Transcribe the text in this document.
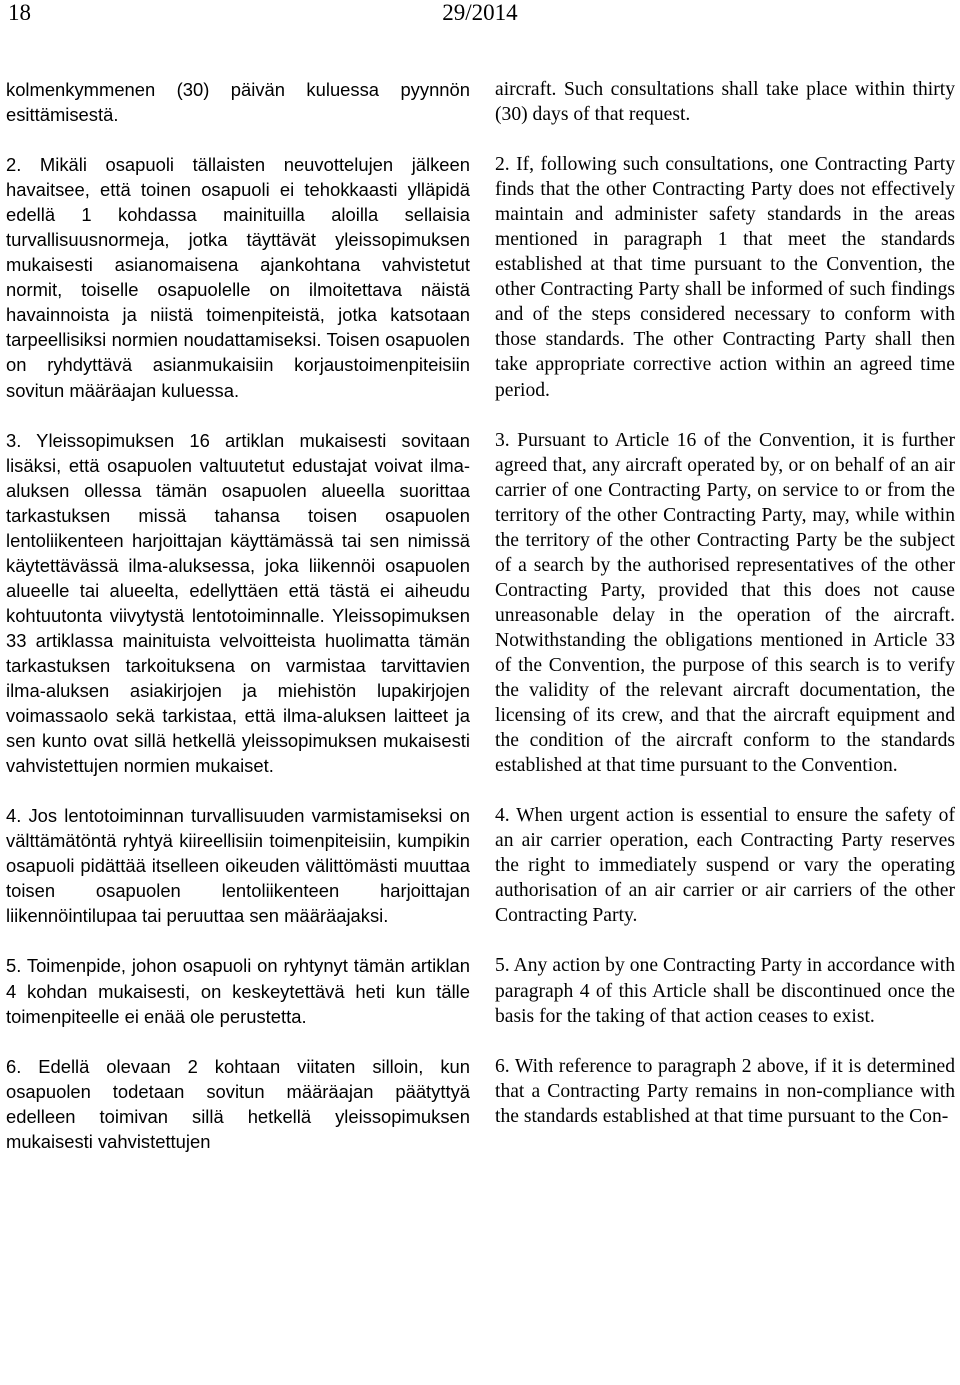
18	29/2014

kolmenkymmenen (30) päivän kuluessa pyynnön esittämisestä.

2. Mikäli osapuoli tällaisten neuvottelujen jälkeen havaitsee, että toinen osapuoli ei tehokkaasti ylläpidä edellä 1 kohdassa mainituilla aloilla sellaisia turvallisuusnormeja, jotka täyttävät yleissopimuksen mukaisesti asianomaisena ajankohtana vahvistetut normit, toiselle osapuolelle on ilmoitettava näistä havainnoista ja niistä toimenpiteistä, jotka katsotaan tarpeellisiksi normien noudattamiseksi. Toisen osapuolen on ryhdyttävä asianmukaisiin korjaustoimenpiteisiin sovitun määräajan kuluessa.

3. Yleissopimuksen 16 artiklan mukaisesti sovitaan lisäksi, että osapuolen valtuutetut edustajat voivat ilma-aluksen ollessa tämän osapuolen alueella suorittaa tarkastuksen missä tahansa toisen osapuolen lentoliikenteen harjoittajan käyttämässä tai sen nimissä käytettävässä ilma-aluksessa, joka liikennöi osapuolen alueelle tai alueelta, edellyttäen että tästä ei aiheudu kohtuutonta viivytystä lentotoiminnalle. Yleissopimuksen 33 artiklassa mainituista velvoitteista huolimatta tämän tarkastuksen tarkoituksena on varmistaa tarvittavien ilma-aluksen asiakirjojen ja miehistön lupakirjojen voimassaolo sekä tarkistaa, että ilma-aluksen laitteet ja sen kunto ovat sillä hetkellä yleissopimuksen mukaisesti vahvistettujen normien mukaiset.

4. Jos lentotoiminnan turvallisuuden varmistamiseksi on välttämätöntä ryhtyä kiireellisiin toimenpiteisiin, kumpikin osapuoli pidättää itselleen oikeuden välittömästi muuttaa toisen osapuolen lentoliikenteen harjoittajan liikennöintilupaa tai peruuttaa sen määräajaksi.

5. Toimenpide, johon osapuoli on ryhtynyt tämän artiklan 4 kohdan mukaisesti, on keskeytettävä heti kun tälle toimenpiteelle ei enää ole perustetta.

6. Edellä olevaan 2 kohtaan viitaten silloin, kun osapuolen todetaan sovitun määräajan päätyttyä edelleen toimivan sillä hetkellä yleissopimuksen mukaisesti vahvistettujen

aircraft. Such consultations shall take place within thirty (30) days of that request.

2. If, following such consultations, one Contracting Party finds that the other Contracting Party does not effectively maintain and administer safety standards in the areas mentioned in paragraph 1 that meet the standards established at that time pursuant to the Convention, the other Contracting Party shall be informed of such findings and of the steps considered necessary to conform with those standards. The other Contracting Party shall then take appropriate corrective action within an agreed time period.

3. Pursuant to Article 16 of the Convention, it is further agreed that, any aircraft operated by, or on behalf of an air carrier of one Contracting Party, on service to or from the territory of the other Contracting Party, may, while within the territory of the other Contracting Party be the subject of a search by the authorised representatives of the other Contracting Party, provided that this does not cause unreasonable delay in the operation of the aircraft. Notwithstanding the obligations mentioned in Article 33 of the Convention, the purpose of this search is to verify the validity of the relevant aircraft documentation, the licensing of its crew, and that the aircraft equipment and the condition of the aircraft conform to the standards established at that time pursuant to the Convention.

4. When urgent action is essential to ensure the safety of an air carrier operation, each Contracting Party reserves the right to immediately suspend or vary the operating authorisation of an air carrier or air carriers of the other Contracting Party.

5. Any action by one Contracting Party in accordance with paragraph 4 of this Article shall be discontinued once the basis for the taking of that action ceases to exist.

6. With reference to paragraph 2 above, if it is determined that a Contracting Party remains in non-compliance with the standards established at that time pursuant to the Con-
